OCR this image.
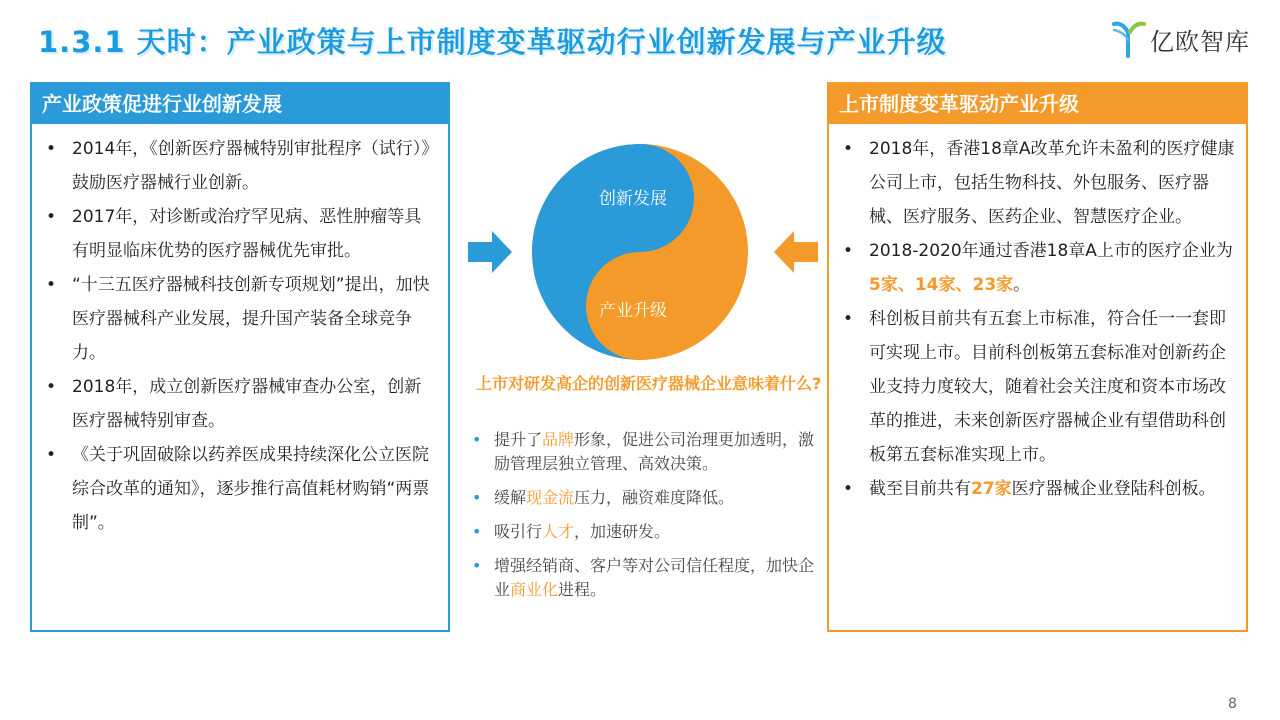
1.3.1 天时：产业政策与上市制度变革驱动行业创新发展与产业升级	亿欧智库
产业政策促进行业创新发展
• 2014年，《创新医疗器械特别审批程序（试行）》鼓励医疗器械行业创新。
• 2017年，对诊断或治疗罕见病、恶性肿瘤等具有明显临床优势的医疗器械优先审批。
• “十三五医疗器械科技创新专项规划”提出，加快医疗器械科产业发展，提升国产装备全球竞争力。
• 2018年，成立创新医疗器械审查办公室，创新医疗器械特别审查。
• 《关于巩固破除以药养医成果持续深化公立医院综合改革的通知》，逐步推行高值耗材购销“两票制”。
创新发展
产业升级
上市对研发高企的创新医疗器械企业意味着什么?
• 提升了品牌形象，促进公司治理更加透明，激励管理层独立管理、高效决策。
• 缓解现金流压力，融资难度降低。
• 吸引行人才，加速研发。
• 增强经销商、客户等对公司信任程度，加快企业商业化进程。
上市制度变革驱动产业升级
• 2018年，香港18章A改革允许未盈利的医疗健康公司上市，包括生物科技、外包服务、医疗器械、医疗服务、医药企业、智慧医疗企业。
• 2018-2020年通过香港18章A上市的医疗企业为5家、14家、23家。
• 科创板目前共有五套上市标准，符合任一一套即可实现上市。目前科创板第五套标准对创新药企业支持力度较大，随着社会关注度和资本市场改革的推进，未来创新医疗器械企业有望借助科创板第五套标准实现上市。
• 截至目前共有27家医疗器械企业登陆科创板。
8
